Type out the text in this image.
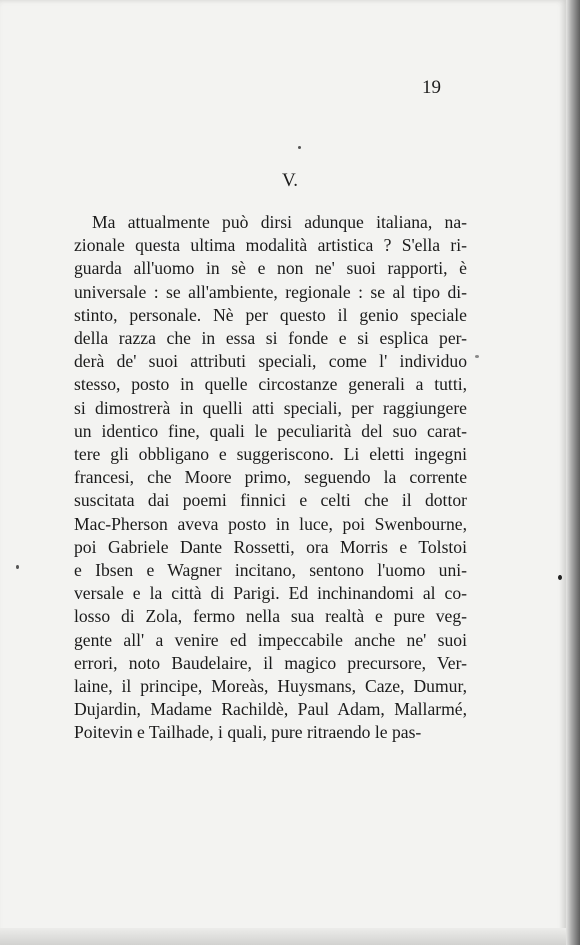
19
V.
Ma attualmente può dirsi adunque italiana, na-
zionale questa ultima modalità artistica ? S'ella ri-
guarda all'uomo in sè e non ne' suoi rapporti, è
universale : se all'ambiente, regionale : se al tipo di-
stinto, personale. Nè per questo il genio speciale
della razza che in essa si fonde e si esplica per-
derà de' suoi attributi speciali, come l' individuo
stesso, posto in quelle circostanze generali a tutti,
si dimostrerà in quelli atti speciali, per raggiungere
un identico fine, quali le peculiarità del suo carat-
tere gli obbligano e suggeriscono. Li eletti ingegni
francesi, che Moore primo, seguendo la corrente
suscitata dai poemi finnici e celti che il dottor
Mac-Pherson aveva posto in luce, poi Swenbourne,
poi Gabriele Dante Rossetti, ora Morris e Tolstoi
e Ibsen e Wagner incitano, sentono l'uomo uni-
versale e la città di Parigi. Ed inchinandomi al co-
losso di Zola, fermo nella sua realtà e pure veg-
gente all' a venire ed impeccabile anche ne' suoi
errori, noto Baudelaire, il magico precursore, Ver-
laine, il principe, Moreàs, Huysmans, Caze, Dumur,
Dujardin, Madame Rachildè, Paul Adam, Mallarmé,
Poitevin e Tailhade, i quali, pure ritraendo le pas-
